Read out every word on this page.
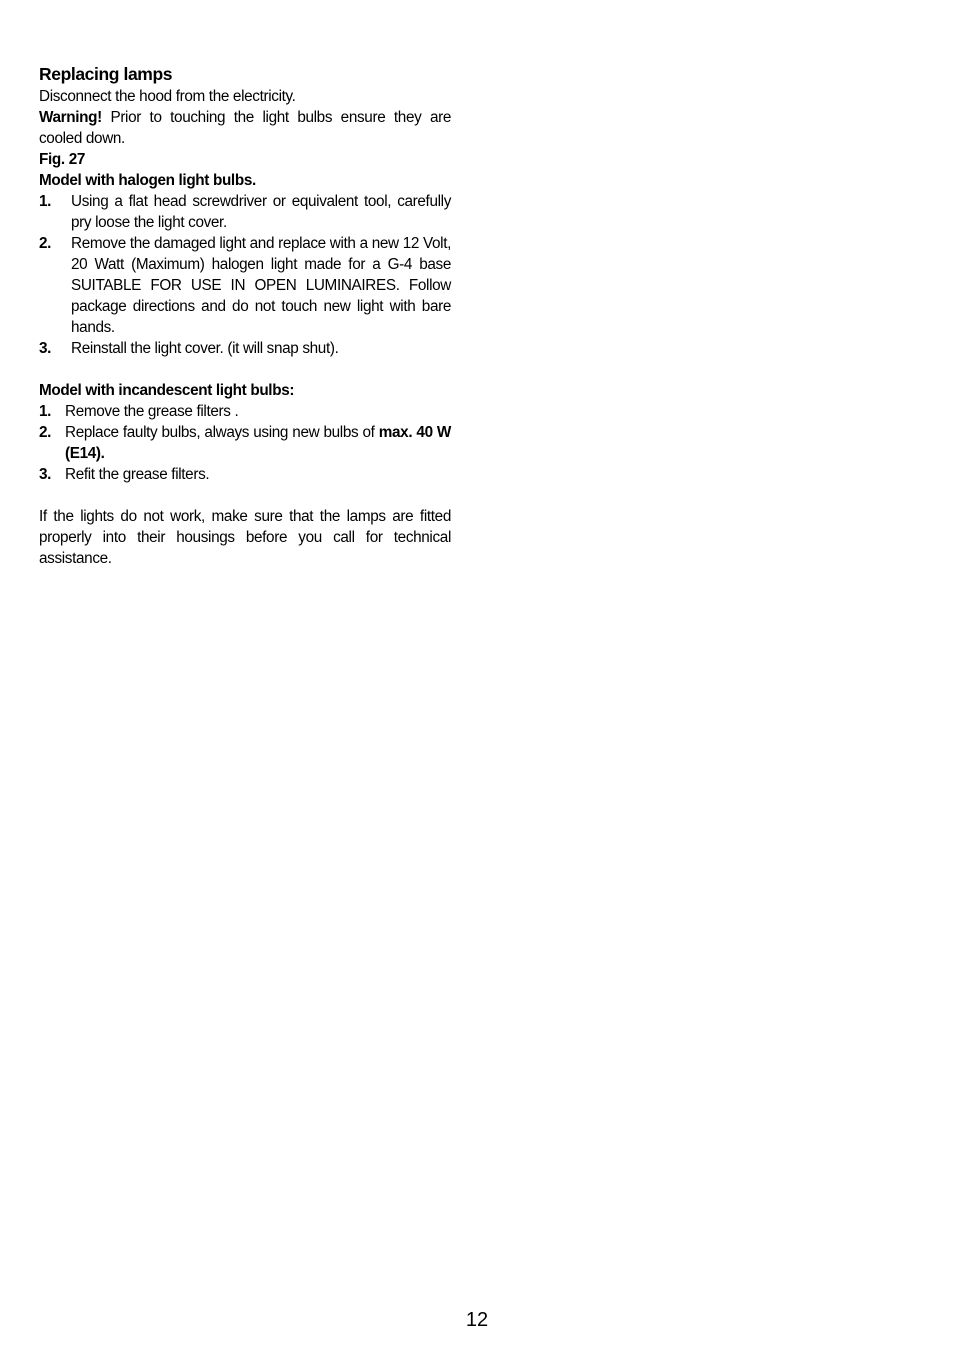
Replacing lamps

Disconnect the hood from the electricity.

Warning! Prior to touching the light bulbs ensure they are cooled down.

Fig. 27

Model with halogen light bulbs.

1. Using a flat head screwdriver or equivalent tool, carefully pry loose the light cover.
2. Remove the damaged light and replace with a new 12 Volt, 20 Watt (Maximum) halogen light made for a G-4 base SUITABLE FOR USE IN OPEN LUMINAIRES. Follow package directions and do not touch new light with bare hands.
3. Reinstall the light cover. (it will snap shut).

Model with incandescent light bulbs:

1. Remove the grease filters .
2. Replace faulty bulbs, always using new bulbs of max. 40 W (E14).
3. Refit the grease filters.

If the lights do not work, make sure that the lamps are fitted properly into their housings before you call for technical assistance.

12
